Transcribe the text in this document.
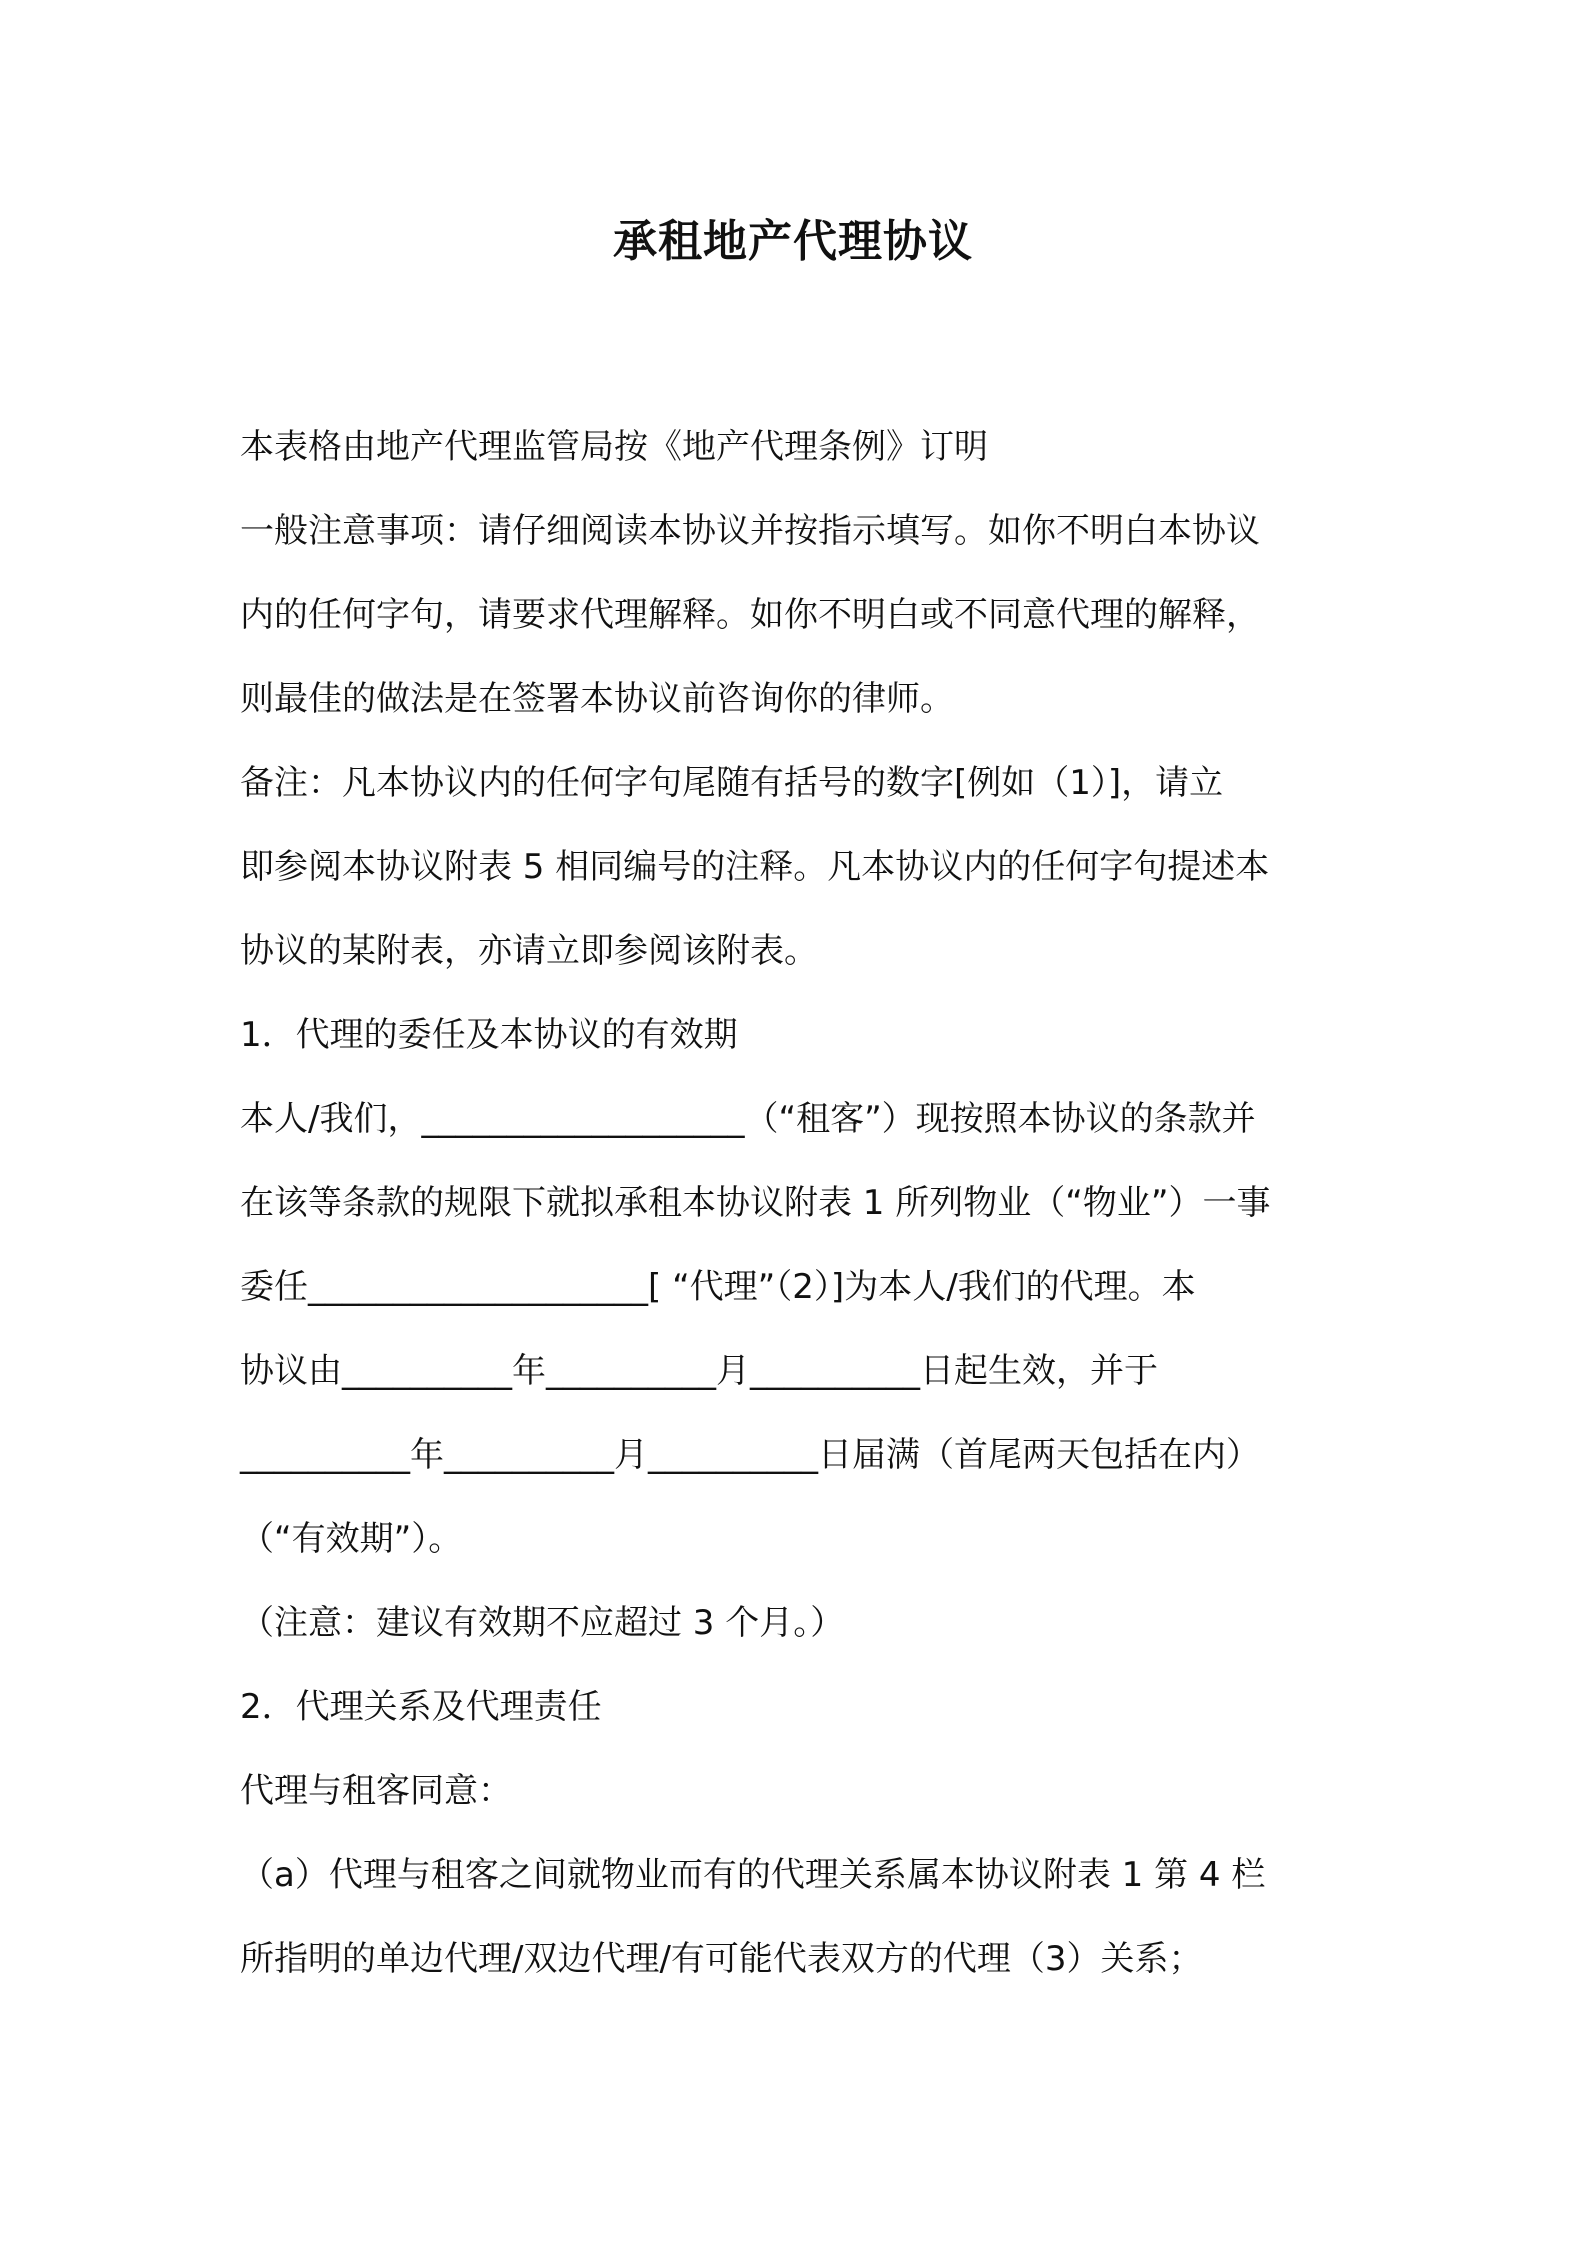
承租地产代理协议
本表格由地产代理监管局按《地产代理条例》订明
一般注意事项：请仔细阅读本协议并按指示填写。如你不明白本协议
内的任何字句，请要求代理解释。如你不明白或不同意代理的解释，
则最佳的做法是在签署本协议前咨询你的律师。
备注：凡本协议内的任何字句尾随有括号的数字[例如（1）]，请立
即参阅本协议附表 5 相同编号的注释。凡本协议内的任何字句提述本
协议的某附表，亦请立即参阅该附表。
1．代理的委任及本协议的有效期
本人/我们，___________________（“租客”）现按照本协议的条款并
在该等条款的规限下就拟承租本协议附表 1 所列物业（“物业”）一事
委任____________________[ “代理”（2）]为本人/我们的代理。本
协议由__________年__________月__________日起生效，并于
__________年__________月__________日届满（首尾两天包括在内）
（“有效期”）。
（注意：建议有效期不应超过 3 个月。）
2．代理关系及代理责任
代理与租客同意：
（a）代理与租客之间就物业而有的代理关系属本协议附表 1 第 4 栏
所指明的单边代理/双边代理/有可能代表双方的代理（3）关系；
